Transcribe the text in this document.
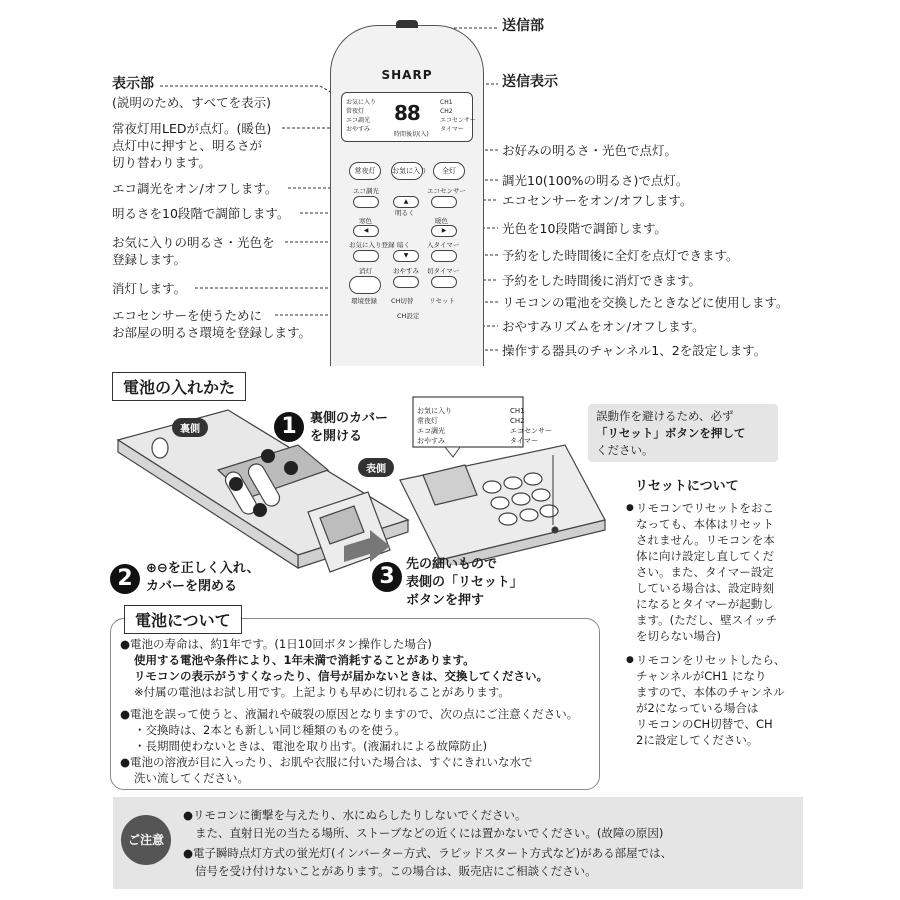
SHARP
お気に入り
常夜灯
エコ調光
おやすみ
88
時間後切(入)
CH1
CH2
エコセンサー
タイマー
常夜灯	お気に入り	全灯
エコ調光	エコセンサー
▲
明るく
寒色
◀
暖色
▶
お気に入り登録 暗く
▼
入タイマー
消灯	おやすみ 切タイマー
環境登録 CH切替 リセット
CH設定
送信部
送信表示
お好みの明るさ・光色で点灯。
調光10(100%の明るさ)で点灯。
エコセンサーをオン/オフします。
光色を10段階で調節します。
予約をした時間後に全灯を点灯できます。
予約をした時間後に消灯できます。
リモコンの電池を交換したときなどに使用します。
おやすみリズムをオン/オフします。
操作する器具のチャンネル1、2を設定します。
表示部
(説明のため、すべてを表示)
常夜灯用LEDが点灯。(暖色)
点灯中に押すと、明るさが
切り替わります。
エコ調光をオン/オフします。
明るさを10段階で調節します。
お気に入りの明るさ・光色を
登録します。
消灯します。
エコセンサーを使うために
お部屋の明るさ環境を登録します。
電池の入れかた
裏側	1	裏側のカバー
を開ける
2	⊕⊖を正しく入れ、
カバーを閉める
お気に入り
常夜灯
エコ調光
おやすみ
CH1
CH2
エコセンサー
タイマー
表側
3 先の細いもので
表側の「リセット」
ボタンを押す
誤動作を避けるため、必ず
「リセット」ボタンを押して
ください。
リセットについて
リモコンでリセットをおこ
なっても、本体はリセット
されません。リモコンを本
体に向け設定し直してくだ
さい。また、タイマー設定
している場合は、設定時刻
になるとタイマーが起動し
ます。(ただし、壁スイッチ
を切らない場合)
リモコンをリセットしたら、
チャンネルがCH1 になり
ますので、本体のチャンネル
が2になっている場合は
リモコンのCH切替で、CH
2に設定してください。
●
●
電池について
●電池の寿命は、約1年です。(1日10回ボタン操作した場合)
使用する電池や条件により、1年未満で消耗することがあります。
リモコンの表示がうすくなったり、信号が届かないときは、交換してください。
※付属の電池はお試し用です。上記よりも早めに切れることがあります。
●電池を誤って使うと、液漏れや破裂の原因となりますので、次の点にご注意ください。
・交換時は、2本とも新しい同じ種類のものを使う。
・長期間使わないときは、電池を取り出す。(液漏れによる故障防止)
●電池の溶液が目に入ったり、お肌や衣服に付いた場合は、すぐにきれいな水で
洗い流してください。
ご注意
●リモコンに衝撃を与えたり、水にぬらしたりしないでください。
また、直射日光の当たる場所、ストーブなどの近くには置かないでください。(故障の原因)
●電子瞬時点灯方式の蛍光灯(インバーター方式、ラピッドスタート方式など)がある部屋では、
信号を受け付けないことがあります。この場合は、販売店にご相談ください。
